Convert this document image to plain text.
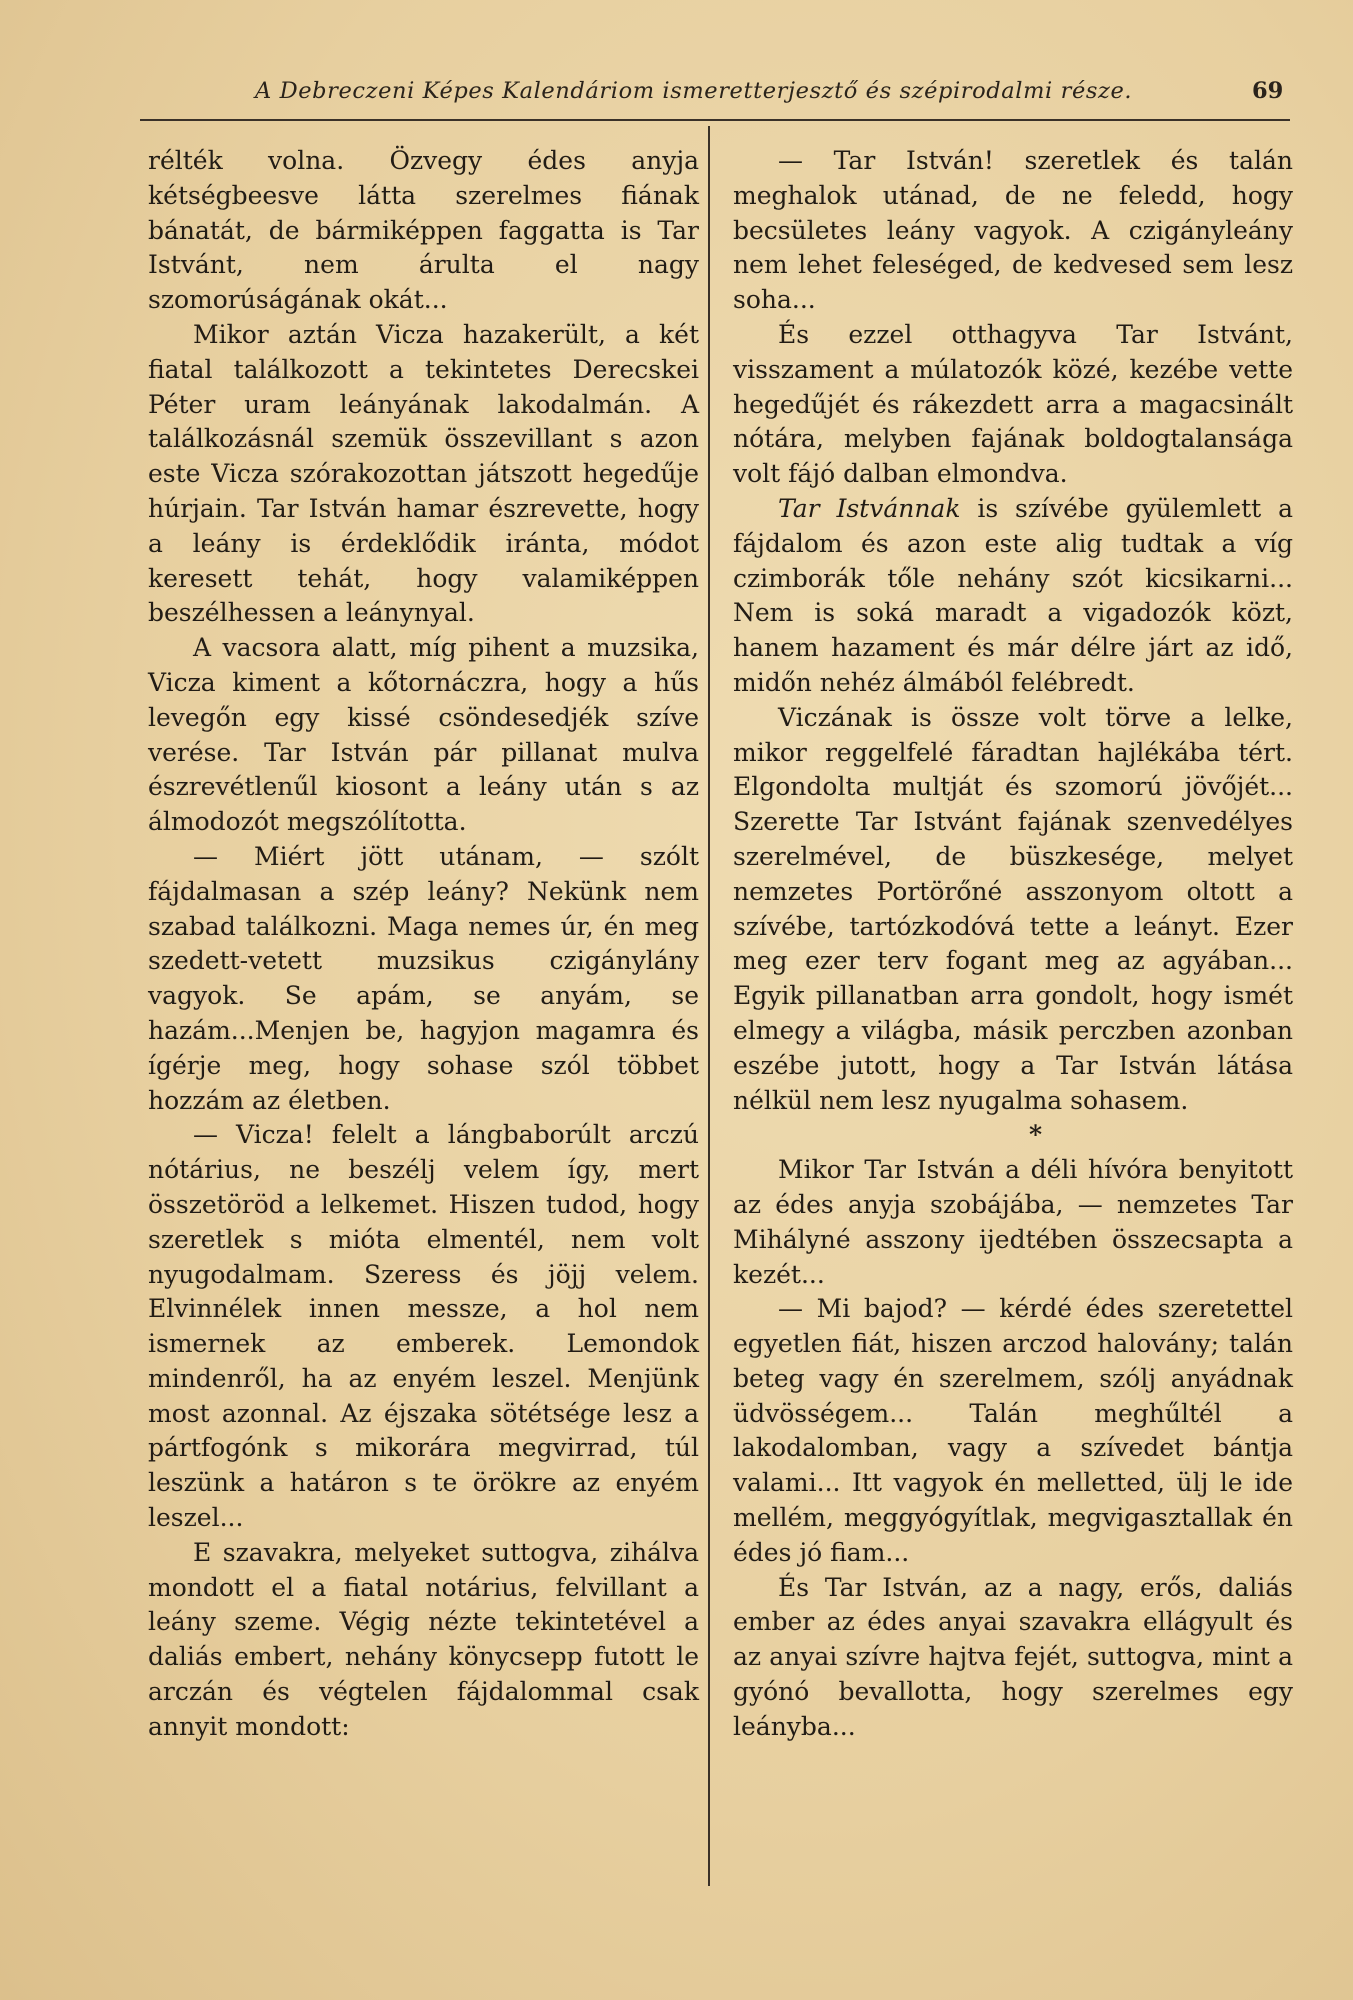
A Debreczeni Képes Kalendáriom ismeretterjesztő és szépirodalmi része.	69

rélték volna. Özvegy édes anyja kétségbeesve látta szerelmes fiának bánatát, de bármiképpen faggatta is Tar Istvánt, nem árulta el nagy szomorúságának okát...

Mikor aztán Vicza hazakerült, a két fiatal találkozott a tekintetes Derecskei Péter uram leányának lakodalmán. A találkozásnál szemük összevillant s azon este Vicza szórakozottan játszott hegedűje húrjain. Tar István hamar észrevette, hogy a leány is érdeklődik iránta, módot keresett tehát, hogy valamiképpen beszélhessen a leánynyal.

A vacsora alatt, míg pihent a muzsika, Vicza kiment a kőtornáczra, hogy a hűs levegőn egy kissé csöndesedjék szíve verése. Tar István pár pillanat mulva észrevétlenűl kiosont a leány után s az álmodozót megszólította.

— Miért jött utánam, — szólt fájdalmasan a szép leány? Nekünk nem szabad találkozni. Maga nemes úr, én meg szedett-vetett muzsikus czigánylány vagyok. Se apám, se anyám, se hazám...Menjen be, hagyjon magamra és ígérje meg, hogy sohase szól többet hozzám az életben.

— Vicza! felelt a lángbaborúlt arczú nótárius, ne beszélj velem így, mert összetöröd a lelkemet. Hiszen tudod, hogy szeretlek s mióta elmentél, nem volt nyugodalmam. Szeress és jöjj velem. Elvinnélek innen messze, a hol nem ismernek az emberek. Lemondok mindenről, ha az enyém leszel. Menjünk most azonnal. Az éjszaka sötétsége lesz a pártfogónk s mikorára megvirrad, túl leszünk a határon s te örökre az enyém leszel...

E szavakra, melyeket suttogva, zihálva mondott el a fiatal notárius, felvillant a leány szeme. Végig nézte tekintetével a daliás embert, nehány könycsepp futott le arczán és végtelen fájdalommal csak annyit mondott:

— Tar István! szeretlek és talán meghalok utánad, de ne feledd, hogy becsületes leány vagyok. A czigányleány nem lehet feleséged, de kedvesed sem lesz soha...

És ezzel otthagyva Tar Istvánt, visszament a múlatozók közé, kezébe vette hegedűjét és rákezdett arra a magacsinált nótára, melyben fajának boldogtalansága volt fájó dalban elmondva.

Tar Istvánnak is szívébe gyülemlett a fájdalom és azon este alig tudtak a víg czimborák tőle nehány szót kicsikarni... Nem is soká maradt a vigadozók közt, hanem hazament és már délre járt az idő, midőn nehéz álmából felébredt.

Viczának is össze volt törve a lelke, mikor reggelfelé fáradtan hajlékába tért. Elgondolta multját és szomorú jövőjét... Szerette Tar Istvánt fajának szenvedélyes szerelmével, de büszkesége, melyet nemzetes Portörőné asszonyom oltott a szívébe, tartózkodóvá tette a leányt. Ezer meg ezer terv fogant meg az agyában... Egyik pillanatban arra gondolt, hogy ismét elmegy a világba, másik perczben azonban eszébe jutott, hogy a Tar István látása nélkül nem lesz nyugalma sohasem.

*

Mikor Tar István a déli hívóra benyitott az édes anyja szobájába, — nemzetes Tar Mihályné asszony ijedtében összecsapta a kezét...

— Mi bajod? — kérdé édes szeretettel egyetlen fiát, hiszen arczod halovány; talán beteg vagy én szerelmem, szólj anyádnak üdvösségem... Talán meghűltél a lakodalomban, vagy a szívedet bántja valami... Itt vagyok én melletted, ülj le ide mellém, meggyógyítlak, megvigasztallak én édes jó fiam...

És Tar István, az a nagy, erős, daliás ember az édes anyai szavakra ellágyult és az anyai szívre hajtva fejét, suttogva, mint a gyónó bevallotta, hogy szerelmes egy leányba...
